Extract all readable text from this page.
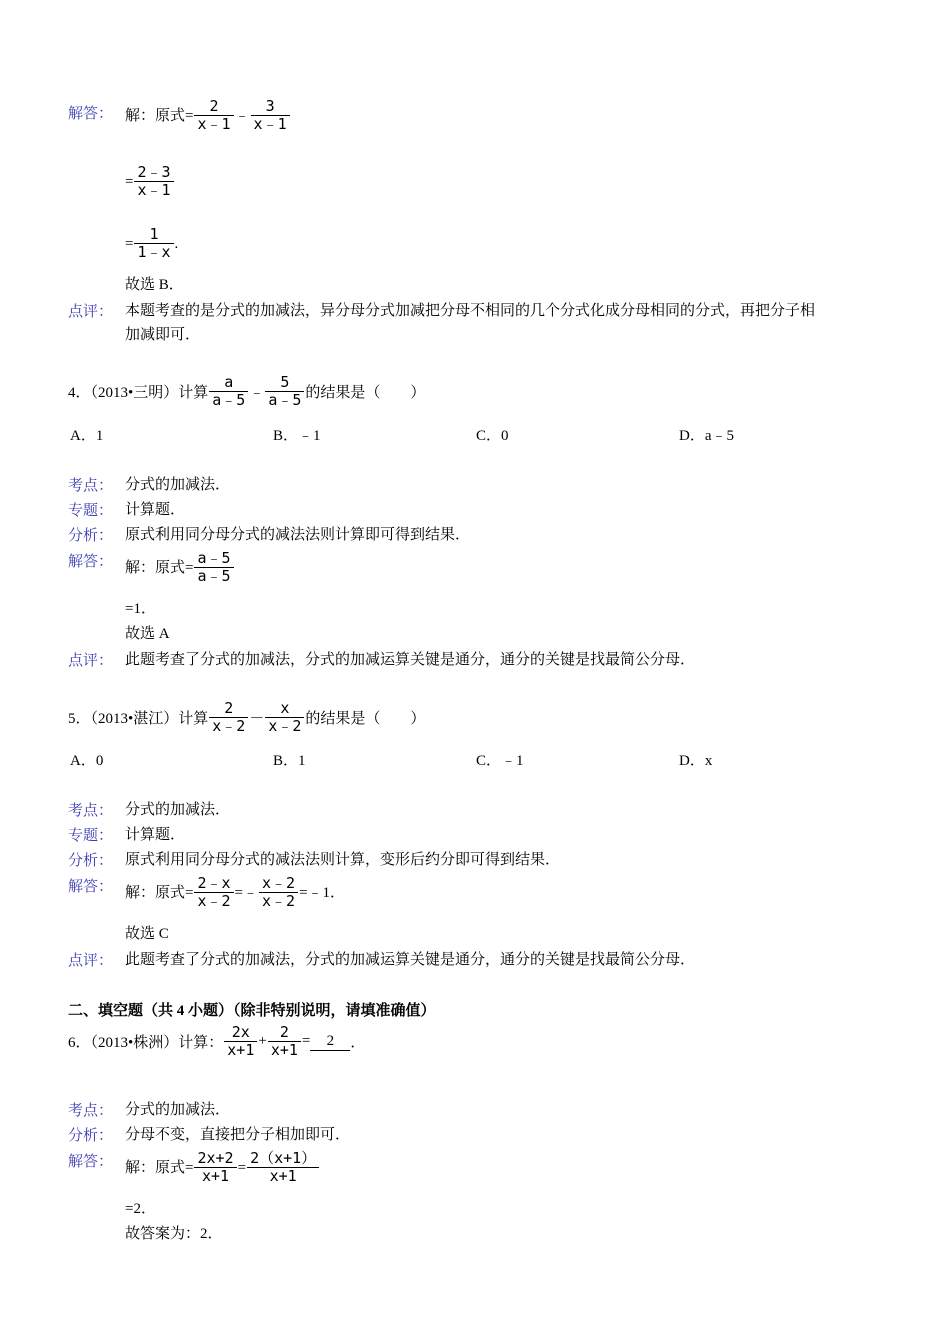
解答： 解：原式= $\frac{2}{x﹣1}$ ﹣ $\frac{3}{x﹣1}$
= $\frac{2﹣3}{x﹣1}$
= $\frac{1}{1﹣x}$ .
故选 B．
点评： 本题考查的是分式的加减法，异分母分式加减把分母不相同的几个分式化成分母相同的分式，再把分子相
加减即可．
4．（2013•三明）计算 $\frac{a}{a﹣5}$ ﹣ $\frac{5}{a﹣5}$ 的结果是（　　）
A．1	B．﹣1	C．0	D．a﹣5
考点： 分式的加减法．
专题： 计算题．
分析： 原式利用同分母分式的减法法则计算即可得到结果．
解答： 解：原式= $\frac{a﹣5}{a﹣5}$
=1．
故选 A
点评： 此题考查了分式的加减法，分式的加减运算关键是通分，通分的关键是找最简公分母．
5．（2013•湛江）计算 $\frac{2}{x﹣2} - \frac{x}{x﹣2}$ 的结果是（　　）
A．0	B．1	C．﹣1	D．x
考点： 分式的加减法．
专题： 计算题．
分析： 原式利用同分母分式的减法法则计算，变形后约分即可得到结果．
解答： 解：原式= $\frac{2﹣x}{x﹣2}$ =﹣ $\frac{x﹣2}{x﹣2}$ =﹣1．
故选 C
点评： 此题考查了分式的加减法，分式的加减运算关键是通分，通分的关键是找最简公分母．
二、填空题（共 4 小题）（除非特别说明，请填准确值）
6．（2013•株洲）计算： $\frac{2x}{x+1} + \frac{2}{x+1}$ =	2	．
考点： 分式的加减法．
分析： 分母不变，直接把分子相加即可．
解答： 解：原式= $\frac{2x+2}{x+1} = \frac{2(x+1)}{x+1}$
=2．
故答案为：2．
